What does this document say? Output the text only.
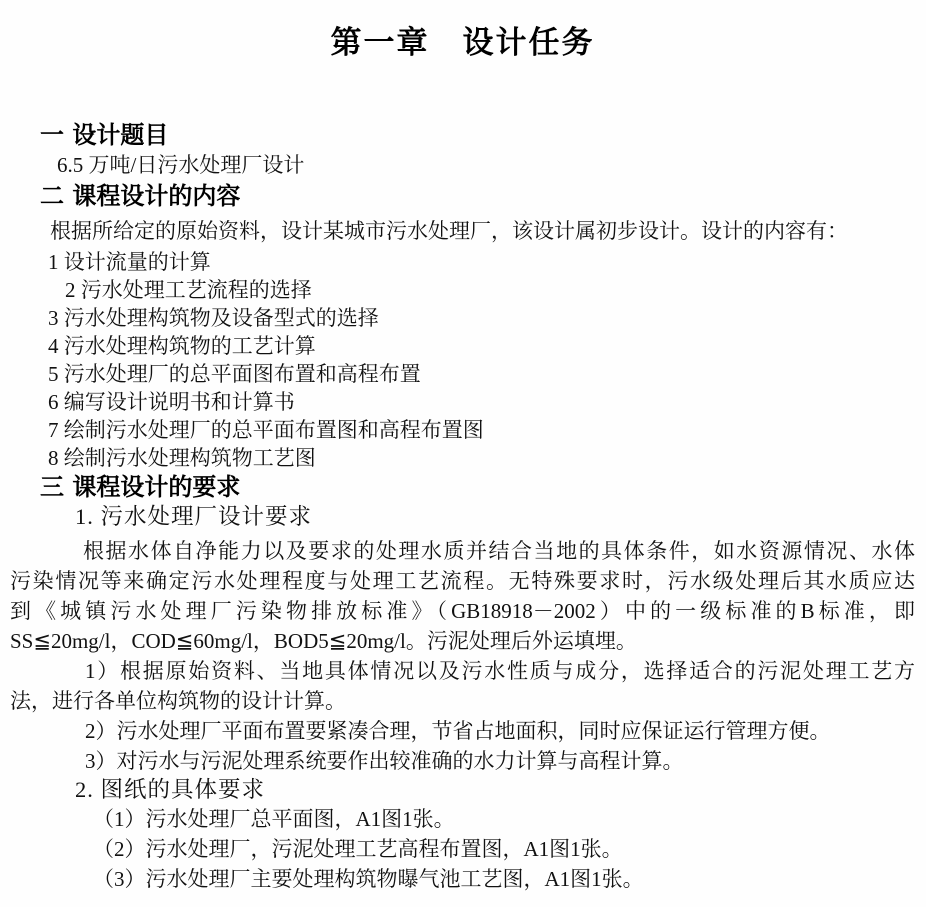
第一章　设计任务
一 设计题目
6.5 万吨/日污水处理厂设计
二 课程设计的内容
根据所给定的原始资料，设计某城市污水处理厂，该设计属初步设计。设计的内容有：
1 设计流量的计算
2 污水处理工艺流程的选择
3 污水处理构筑物及设备型式的选择
4 污水处理构筑物的工艺计算
5 污水处理厂的总平面图布置和高程布置
6 编写设计说明书和计算书
7 绘制污水处理厂的总平面布置图和高程布置图
8 绘制污水处理构筑物工艺图
三 课程设计的要求
1. 污水处理厂设计要求
根据水体自净能力以及要求的处理水质并结合当地的具体条件，如水资源情况、水体
污染情况等来确定污水处理程度与处理工艺流程。无特殊要求时，污水级处理后其水质应达
到《城镇污水处理厂污染物排放标准》（GB18918－2002）中的一级标准的B标准，即
SS≦20mg/l，COD≦60mg/l，BOD5≦20mg/l。污泥处理后外运填埋。
1）根据原始资料、当地具体情况以及污水性质与成分，选择适合的污泥处理工艺方
法，进行各单位构筑物的设计计算。
2）污水处理厂平面布置要紧凑合理，节省占地面积，同时应保证运行管理方便。
3）对污水与污泥处理系统要作出较准确的水力计算与高程计算。
2. 图纸的具体要求
（1）污水处理厂总平面图，A1图1张。
（2）污水处理厂，污泥处理工艺高程布置图，A1图1张。
（3）污水处理厂主要处理构筑物曝气池工艺图，A1图1张。
